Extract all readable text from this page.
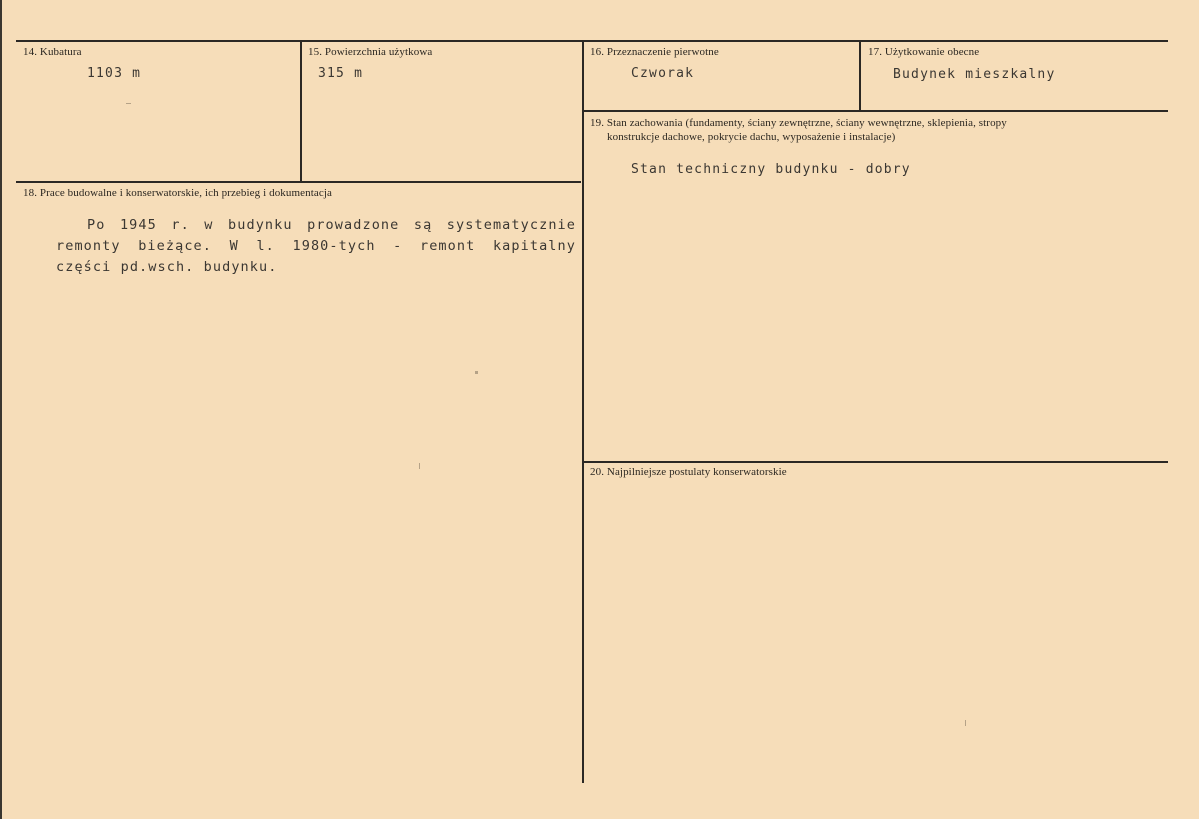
14. Kubatura
1103 m
15. Powierzchnia użytkowa
315 m
16. Przeznaczenie pierwotne
Czworak
17. Użytkowanie obecne
Budynek mieszkalny
18. Prace budowalne i konserwatorskie, ich przebieg i dokumentacja
Po 1945 r. w budynku prowadzone są systematycznie
remonty bieżące. W l. 1980-tych - remont kapitalny
części pd.wsch. budynku.
19. Stan zachowania (fundamenty, ściany zewnętrzne, ściany wewnętrzne, sklepienia, stropy
konstrukcje dachowe, pokrycie dachu, wyposażenie i instalacje)
Stan techniczny budynku - dobry
20. Najpilniejsze postulaty konserwatorskie
